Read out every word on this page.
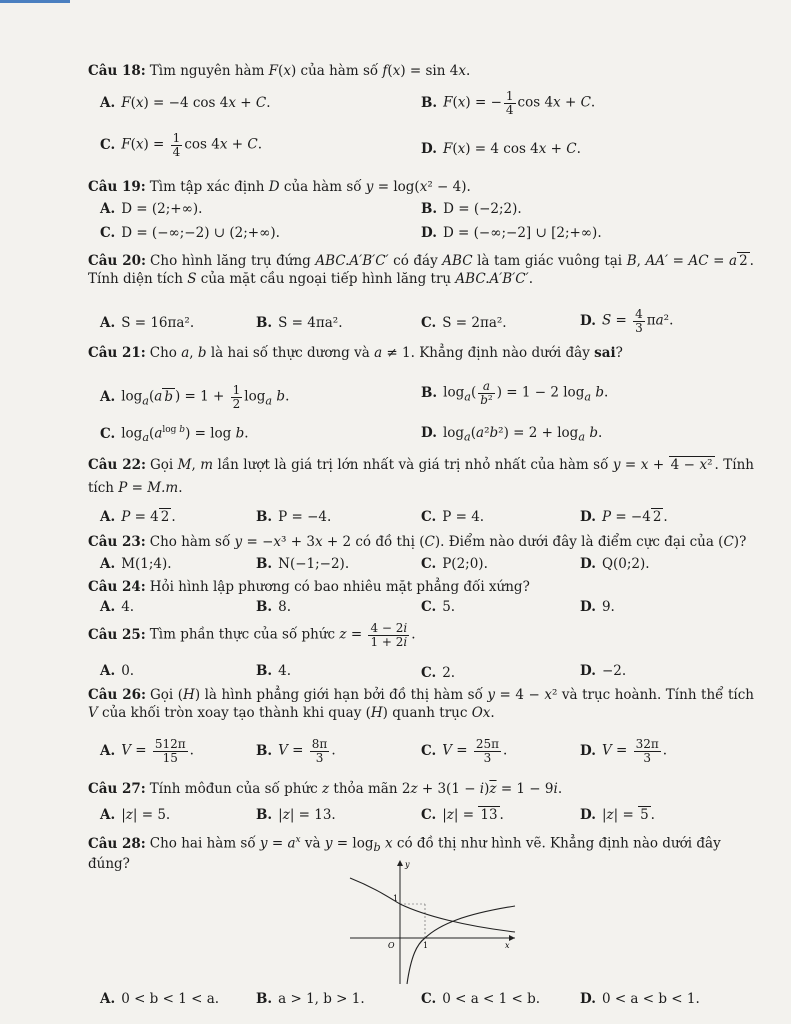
Câu 18: Tìm nguyên hàm F(x) của hàm số f(x) = sin 4x.
A. F(x) = −4 cos 4x + C.	B. F(x) = − $\frac{1}{4}$ cos 4x + C.
C. $F(x) = \frac{1}{4}$ cos 4x + C.	D. F(x) = 4 cos 4x + C.
Câu 19: Tìm tập xác định D của hàm số y = log(x² − 4).
A. D = (2;+∞).	B. D = (−2;2).
C. D = (−∞;−2) ∪ (2;+∞).	D. D = (−∞;−2] ∪ [2;+∞).
Câu 20: Cho hình lăng trụ đứng ABC.A′B′C′ có đáy ABC là tam giác vuông tại B, AA′ = AC = a 2 . Tính diện tích S của mặt cầu ngoại tiếp hình lăng trụ ABC.A′B′C′.
A. S = 16πa².	B. S = 4πa².	C. S = 2πa².	D. $S = \frac{4}{3} \pi a^2$.
Câu 21: Cho a, b là hai số thực dương và a ≠ 1. Khẳng định nào dưới đây sai?
A. $\log_a(a$ b ) = $1 + \frac{1}{2} \log_a b$.	B. $\log_a( \frac{a}{\text{b²}}$ ) = 1 − 2 $\log_a b$.
C. $\log_a(a^{log b}) = \log b$.	D. $\log_a(a^2b^2) = 2 + \log_a b$.
Câu 22: Gọi M, m lần lượt là giá trị lớn nhất và giá trị nhỏ nhất của hàm số y = x + 4 − x² . Tính tích P = M.m.
A. P = 4 2 .	B. P = −4.	C. P = 4.	D. P = −4 2 .
Câu 23: Cho hàm số y = −x³ + 3x + 2 có đồ thị (C). Điểm nào dưới đây là điểm cực đại của (C)?
A. M(1;4).	B. N(−1;−2).	C. P(2;0).	D. Q(0;2).
Câu 24: Hỏi hình lập phương có bao nhiêu mặt phẳng đối xứng?
A. 4.	B. 8.	C. 5.	D. 9.
Câu 25: Tìm phần thực của số phức $z = \frac{4 - 2i}{1 + 2i}$ .
A. 0.	B. 4.	C. 2.	D. −2.
Câu 26: Gọi (H) là hình phẳng giới hạn bởi đồ thị hàm số y = 4 − x² và trục hoành. Tính thể tích V của khối tròn xoay tạo thành khi quay (H) quanh trục Ox.
A. $V = \frac{512\pi}{15}$ .	B. $V = \frac{8\pi}{3}$ .	C. $V = \frac{25\pi}{3}$ .	D. $V = \frac{32\pi}{3}$ .
Câu 27: Tính môđun của số phức z thỏa mãn $2z + 3(1 - i)\overline{z} = 1 - 9i$.
A. |z| = 5.	B. |z| = 13.	C. |z| = 13 .	D. |z| = 5 .
Câu 28: Cho hai hàm số $y = a^x$ và $y = \log_b x$ có đồ thị như hình vẽ. Khẳng định nào dưới đây đúng?
A. 0 < b < 1 < a.	B. a > 1, b > 1.	C. 0 < a < 1 < b.	D. 0 < a < b < 1.
y
x
O
1
1
